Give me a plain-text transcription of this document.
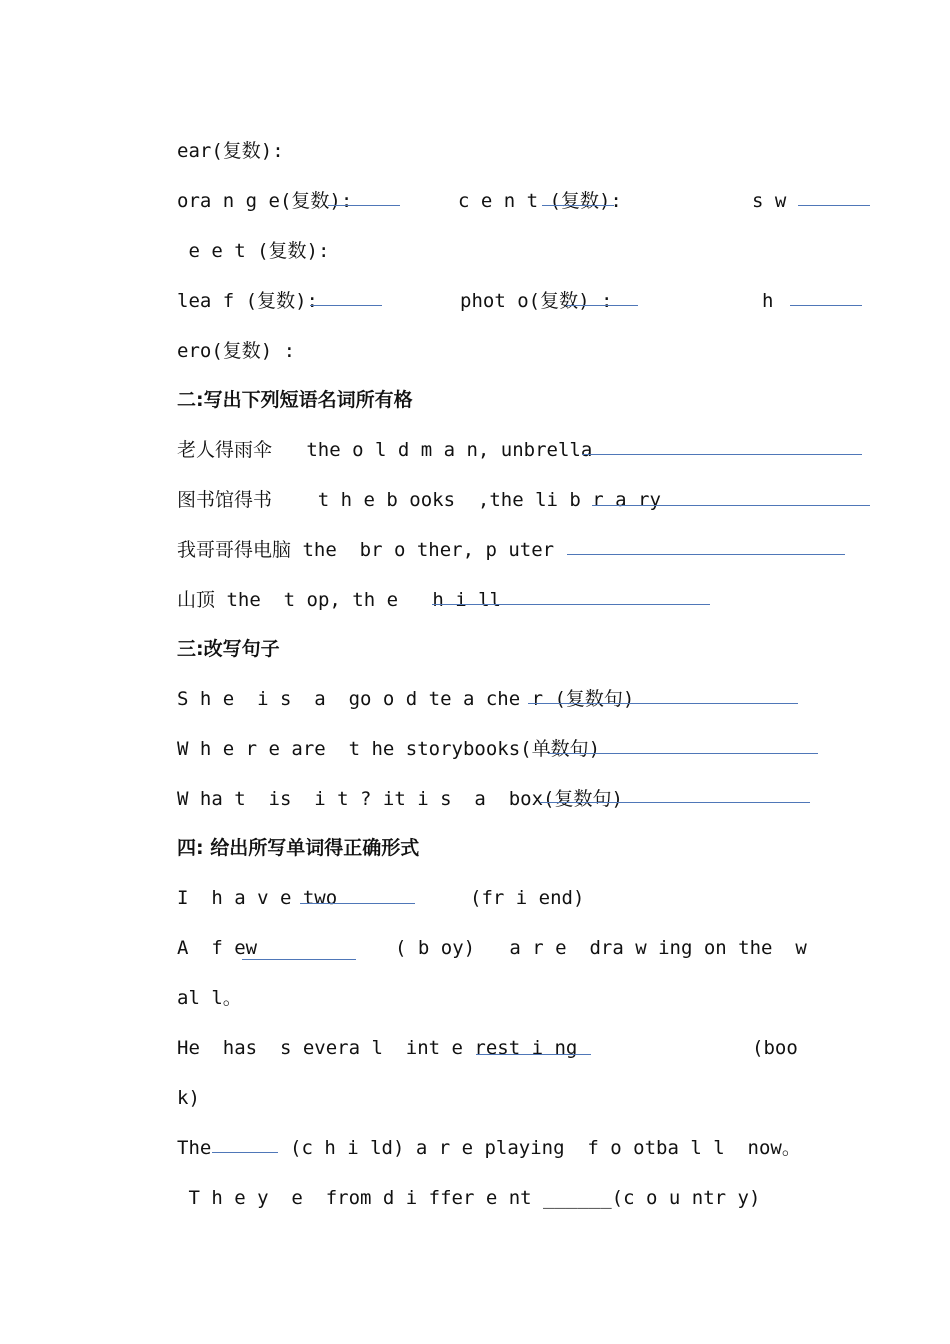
ear(复数):
ora n g e(复数):	c e n t (复数):	s w
e e t (复数):
lea f (复数):	phot o(复数) :	h
ero(复数) :
二:写出下列短语名词所有格
老人得雨伞   the o l d m a n, unbrella
图书馆得书    t h e b ooks  ,the li b r a ry
我哥哥得电脑 the  br o ther, p uter
山顶 the  t op, th e   h i ll
三:改写句子
S h e  i s  a  go o d te a che r (复数句)
W h e r e are  t he storybooks(单数句)
W ha t  is  i t ? it i s  a  box(复数句)
四: 给出所写单词得正确形式
I  h a v e two	(fr i end)
A  f ew	( b oy)   a r e  dra w ing on the  w
al l。
He  has  s evera l  int e rest i ng	(boo
k)
The	(c h i ld) a r e playing  f o otba l l  now。
T h e y  e  from d i ffer e nt ______(c o u ntr y)
